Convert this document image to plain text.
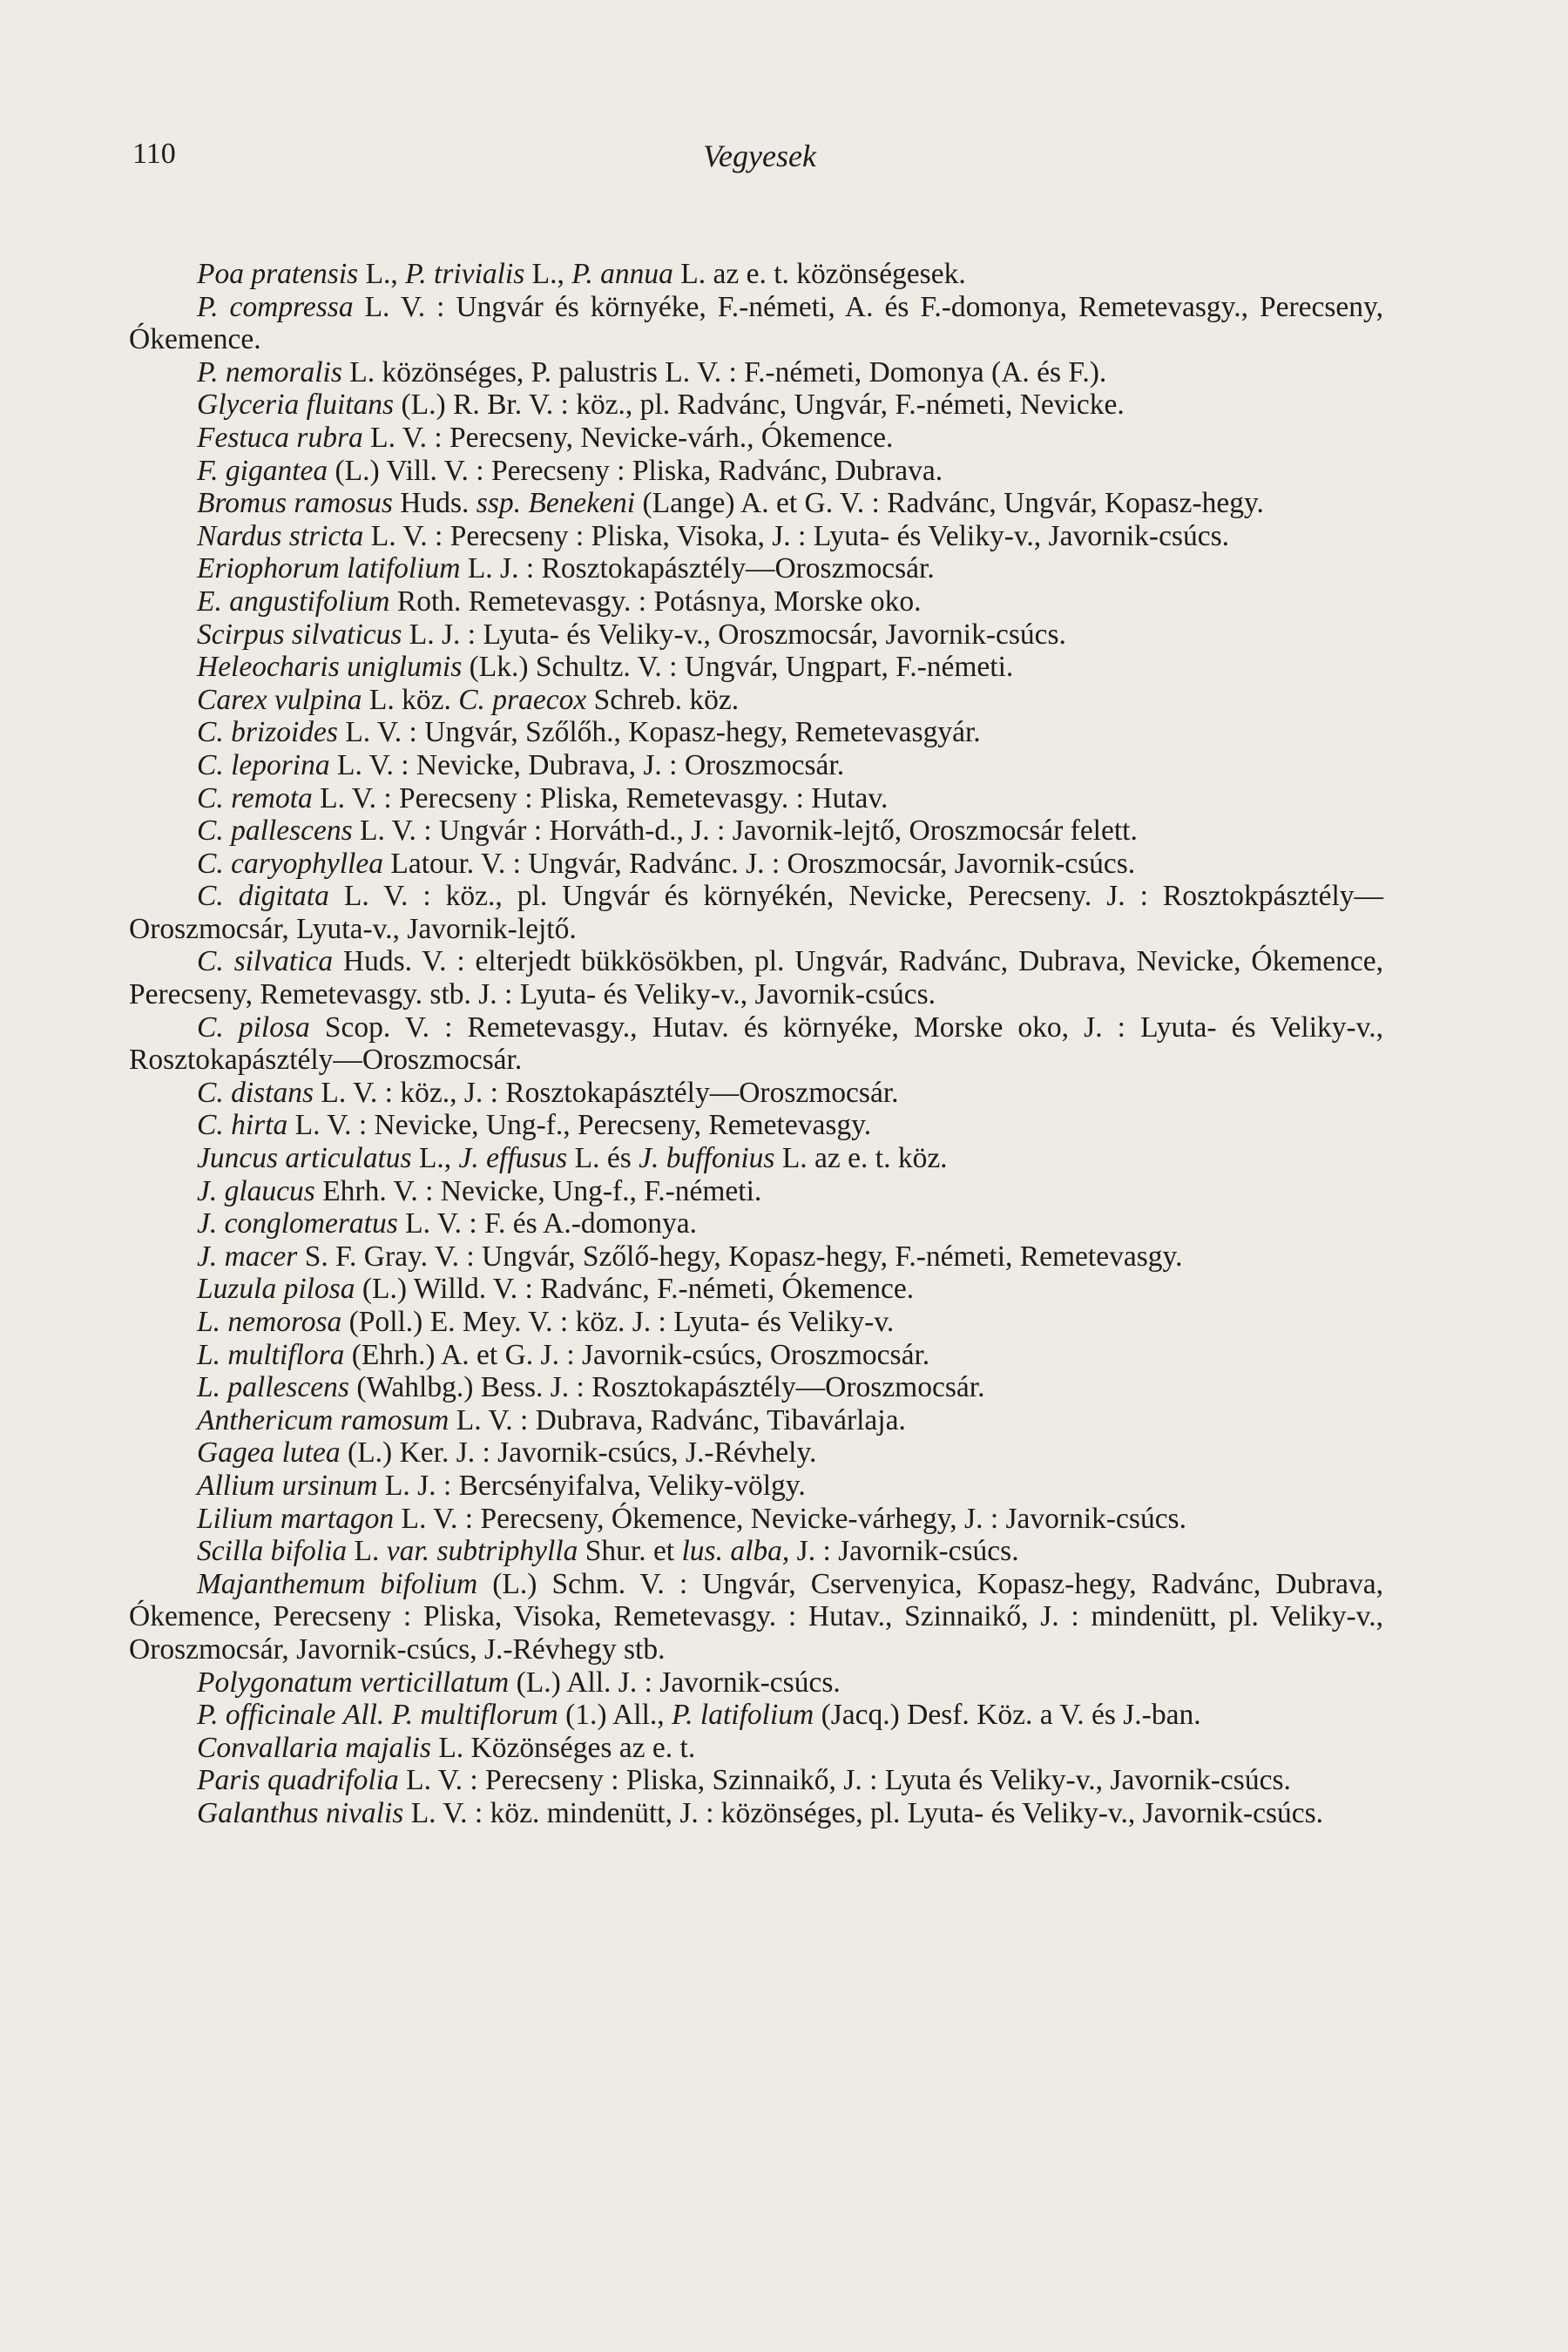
110	Vegyesek

Poa pratensis L., P. trivialis L., P. annua L. az e. t. közönségesek.

P. compressa L. V. : Ungvár és környéke, F.-németi, A. és F.-domonya, Remetevasgy., Perecseny, Ókemence.

P. nemoralis L. közönséges, P. palustris L. V. : F.-németi, Domonya (A. és F.).

Glyceria fluitans (L.) R. Br. V. : köz., pl. Radvánc, Ungvár, F.-németi, Nevicke.

Festuca rubra L. V. : Perecseny, Nevicke-várh., Ókemence.

F. gigantea (L.) Vill. V. : Perecseny : Pliska, Radvánc, Dubrava.

Bromus ramosus Huds. ssp. Benekeni (Lange) A. et G. V. : Radvánc, Ungvár, Kopasz-hegy.

Nardus stricta L. V. : Perecseny : Pliska, Visoka, J. : Lyuta- és Veliky-v., Javornik-csúcs.

Eriophorum latifolium L. J. : Rosztokapásztély—Oroszmocsár.

E. angustifolium Roth. Remetevasgy. : Potásnya, Morske oko.

Scirpus silvaticus L. J. : Lyuta- és Veliky-v., Oroszmocsár, Javornik-csúcs.

Heleocharis uniglumis (Lk.) Schultz. V. : Ungvár, Ungpart, F.-németi.

Carex vulpina L. köz. C. praecox Schreb. köz.

C. brizoides L. V. : Ungvár, Szőlőh., Kopasz-hegy, Remetevasgyár.

C. leporina L. V. : Nevicke, Dubrava, J. : Oroszmocsár.

C. remota L. V. : Perecseny : Pliska, Remetevasgy. : Hutav.

C. pallescens L. V. : Ungvár : Horváth-d., J. : Javornik-lejtő, Oroszmocsár felett.

C. caryophyllea Latour. V. : Ungvár, Radvánc. J. : Oroszmocsár, Javornik-csúcs.

C. digitata L. V. : köz., pl. Ungvár és környékén, Nevicke, Perecseny. J. : Rosztokpásztély—Oroszmocsár, Lyuta-v., Javornik-lejtő.

C. silvatica Huds. V. : elterjedt bükkösökben, pl. Ungvár, Radvánc, Dubrava, Nevicke, Ókemence, Perecseny, Remetevasgy. stb. J. : Lyuta- és Veliky-v., Javornik-csúcs.

C. pilosa Scop. V. : Remetevasgy., Hutav. és környéke, Morske oko, J. : Lyuta- és Veliky-v., Rosztokapásztély—Oroszmocsár.

C. distans L. V. : köz., J. : Rosztokapásztély—Oroszmocsár.

C. hirta L. V. : Nevicke, Ung-f., Perecseny, Remetevasgy.

Juncus articulatus L., J. effusus L. és J. buffonius L. az e. t. köz.

J. glaucus Ehrh. V. : Nevicke, Ung-f., F.-németi.

J. conglomeratus L. V. : F. és A.-domonya.

J. macer S. F. Gray. V. : Ungvár, Szőlő-hegy, Kopasz-hegy, F.-németi, Remetevasgy.

Luzula pilosa (L.) Willd. V. : Radvánc, F.-németi, Ókemence.

L. nemorosa (Poll.) E. Mey. V. : köz. J. : Lyuta- és Veliky-v.

L. multiflora (Ehrh.) A. et G. J. : Javornik-csúcs, Oroszmocsár.

L. pallescens (Wahlbg.) Bess. J. : Rosztokapásztély—Oroszmocsár.

Anthericum ramosum L. V. : Dubrava, Radvánc, Tibavárlaja.

Gagea lutea (L.) Ker. J. : Javornik-csúcs, J.-Révhely.

Allium ursinum L. J. : Bercsényifalva, Veliky-völgy.

Lilium martagon L. V. : Perecseny, Ókemence, Nevicke-várhegy, J. : Javornik-csúcs.

Scilla bifolia L. var. subtriphylla Shur. et lus. alba, J. : Javornik-csúcs.

Majanthemum bifolium (L.) Schm. V. : Ungvár, Cservenyica, Kopasz-hegy, Radvánc, Dubrava, Ókemence, Perecseny : Pliska, Visoka, Remetevasgy. : Hutav., Szinnaikő, J. : mindenütt, pl. Veliky-v., Oroszmocsár, Javornik-csúcs, J.-Révhegy stb.

Polygonatum verticillatum (L.) All. J. : Javornik-csúcs.

P. officinale All. P. multiflorum (1.) All., P. latifolium (Jacq.) Desf. Köz. a V. és J.-ban.

Convallaria majalis L. Közönséges az e. t.

Paris quadrifolia L. V. : Perecseny : Pliska, Szinnaikő, J. : Lyuta és Veliky-v., Javornik-csúcs.

Galanthus nivalis L. V. : köz. mindenütt, J. : közönséges, pl. Lyuta- és Veliky-v., Javornik-csúcs.
